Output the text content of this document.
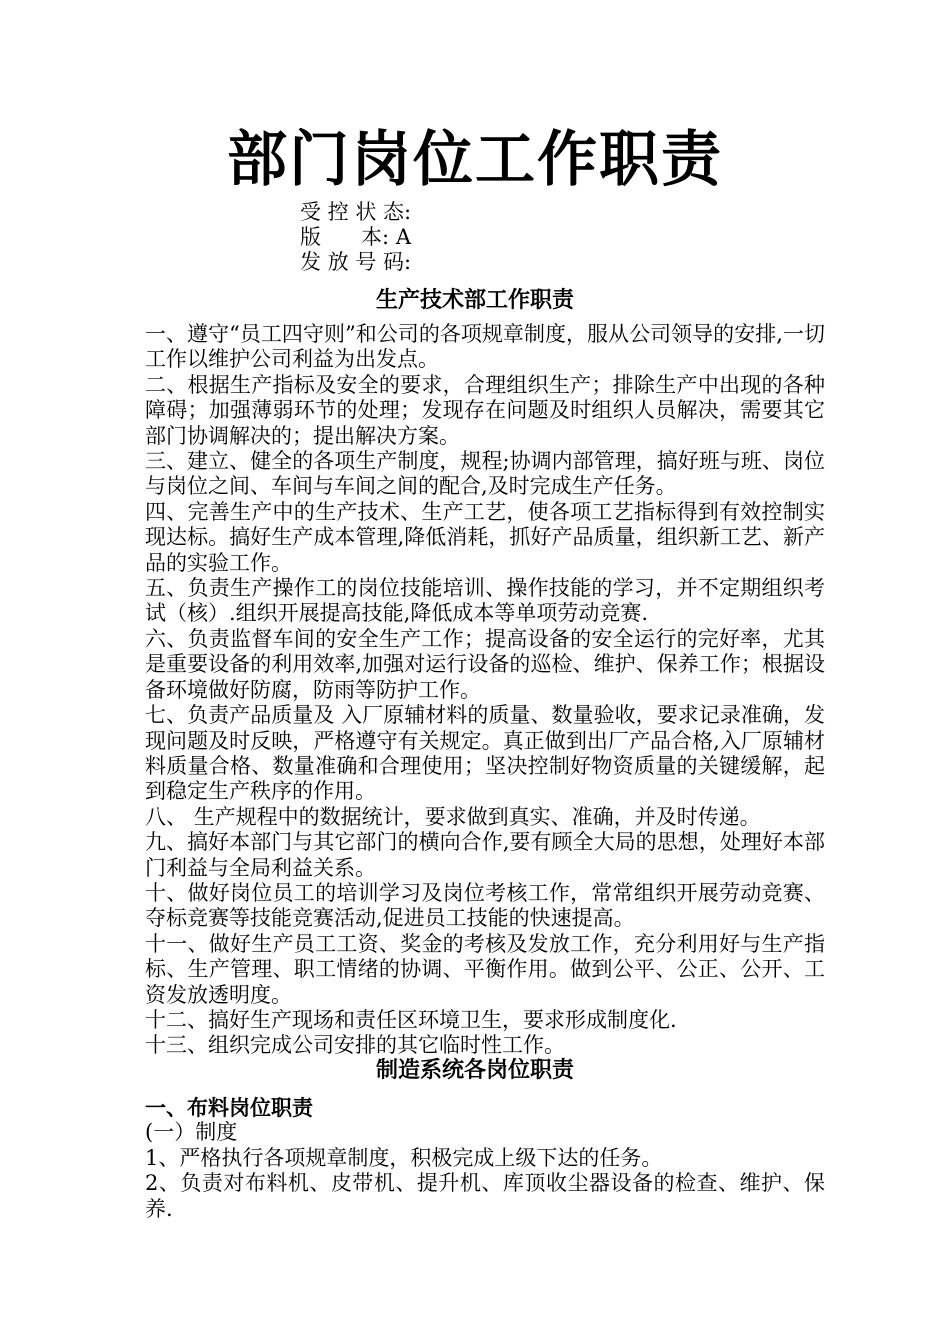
部门岗位工作职责
受 控 状 态:
版      本: A
发 放 号 码:
生产技术部工作职责

一、遵守“员工四守则”和公司的各项规章制度，服从公司领导的安排,一切工作以维护公司利益为出发点。

二、根据生产指标及安全的要求，合理组织生产；排除生产中出现的各种障碍；加强薄弱环节的处理；发现存在问题及时组织人员解决，需要其它部门协调解决的；提出解决方案。

三、建立、健全的各项生产制度，规程;协调内部管理，搞好班与班、岗位与岗位之间、车间与车间之间的配合,及时完成生产任务。

四、完善生产中的生产技术、生产工艺，使各项工艺指标得到有效控制实现达标。搞好生产成本管理,降低消耗，抓好产品质量，组织新工艺、新产品的实验工作。

五、负责生产操作工的岗位技能培训、操作技能的学习，并不定期组织考试（核）.组织开展提高技能,降低成本等单项劳动竞赛.

六、负责监督车间的安全生产工作；提高设备的安全运行的完好率，尤其是重要设备的利用效率,加强对运行设备的巡检、维护、保养工作；根据设备环境做好防腐，防雨等防护工作。

七、负责产品质量及 入厂原辅材料的质量、数量验收，要求记录准确，发现问题及时反映，严格遵守有关规定。真正做到出厂产品合格,入厂原辅材料质量合格、数量准确和合理使用；坚决控制好物资质量的关键缓解，起到稳定生产秩序的作用。

八、 生产规程中的数据统计，要求做到真实、准确，并及时传递。

九、搞好本部门与其它部门的横向合作,要有顾全大局的思想，处理好本部门利益与全局利益关系。

十、做好岗位员工的培训学习及岗位考核工作，常常组织开展劳动竞赛、夺标竞赛等技能竞赛活动,促进员工技能的快速提高。

十一、做好生产员工工资、奖金的考核及发放工作，充分利用好与生产指标、生产管理、职工情绪的协调、平衡作用。做到公平、公正、公开、工资发放透明度。

十二、搞好生产现场和责任区环境卫生，要求形成制度化.

十三、组织完成公司安排的其它临时性工作。

制造系统各岗位职责

一、布料岗位职责

(一）制度

1、严格执行各项规章制度，积极完成上级下达的任务。

2、负责对布料机、皮带机、提升机、库顶收尘器设备的检查、维护、保养.
